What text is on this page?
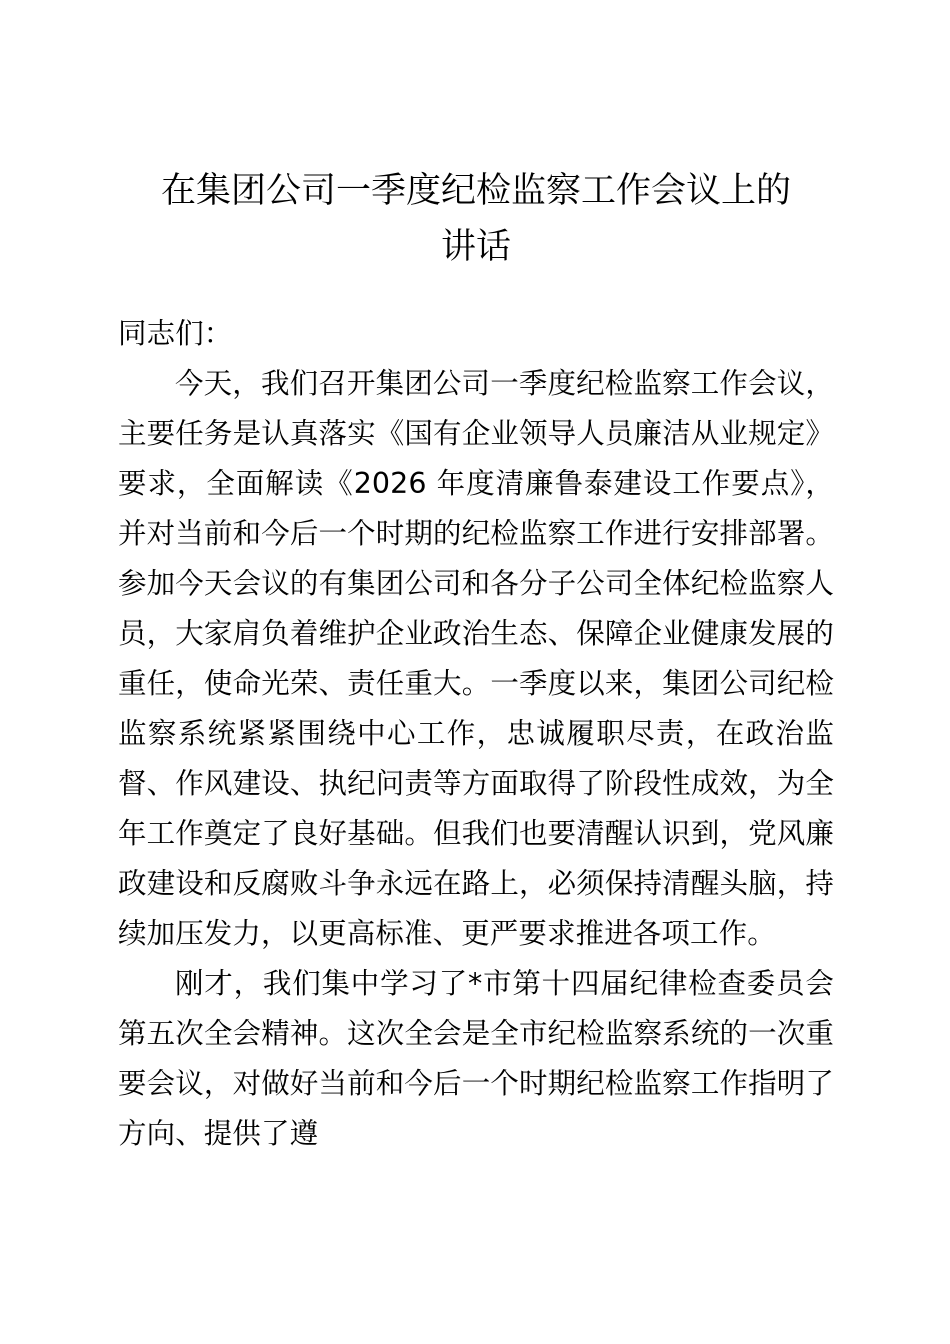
在集团公司一季度纪检监察工作会议上的
讲话

同志们：

今天，我们召开集团公司一季度纪检监察工作会议，主要任务是认真落实《国有企业领导人员廉洁从业规定》要求，全面解读《2026 年度清廉鲁泰建设工作要点》，并对当前和今后一个时期的纪检监察工作进行安排部署。参加今天会议的有集团公司和各分子公司全体纪检监察人员，大家肩负着维护企业政治生态、保障企业健康发展的重任，使命光荣、责任重大。一季度以来，集团公司纪检监察系统紧紧围绕中心工作，忠诚履职尽责，在政治监督、作风建设、执纪问责等方面取得了阶段性成效，为全年工作奠定了良好基础。但我们也要清醒认识到，党风廉政建设和反腐败斗争永远在路上，必须保持清醒头脑，持续加压发力，以更高标准、更严要求推进各项工作。

刚才，我们集中学习了*市第十四届纪律检查委员会第五次全会精神。这次全会是全市纪检监察系统的一次重要会议，对做好当前和今后一个时期纪检监察工作指明了方向、提供了遵
